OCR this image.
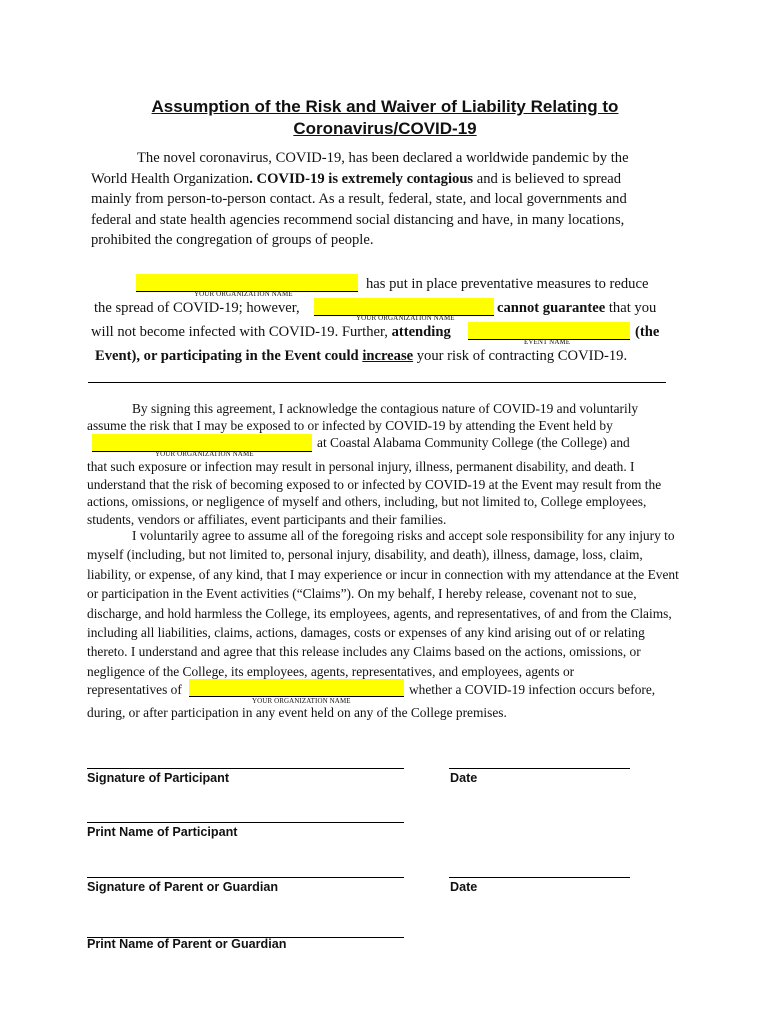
Assumption of the Risk and Waiver of Liability Relating to
Coronavirus/COVID-19
The novel coronavirus, COVID-19, has been declared a worldwide pandemic by the World Health Organization. COVID-19 is extremely contagious and is believed to spread mainly from person-to-person contact. As a result, federal, state, and local governments and federal and state health agencies recommend social distancing and have, in many locations, prohibited the congregation of groups of people.
YOUR ORGANIZATION NAME
has put in place preventative measures to reduce
the spread of COVID-19; however,
YOUR ORGANIZATION NAME
cannot guarantee that you
will not become infected with COVID-19. Further, attending
EVENT NAME
(the
Event), or participating in the Event could increase your risk of contracting COVID-19.
By signing this agreement, I acknowledge the contagious nature of COVID-19 and voluntarily
assume the risk that I may be exposed to or infected by COVID-19 by attending the Event held by
YOUR ORGANIZATION NAME
at Coastal Alabama Community College (the College) and
that such exposure or infection may result in personal injury, illness, permanent disability, and death. I understand that the risk of becoming exposed to or infected by COVID-19 at the Event may result from the actions, omissions, or negligence of myself and others, including, but not limited to, College employees, students, vendors or affiliates, event participants and their families.
I voluntarily agree to assume all of the foregoing risks and accept sole responsibility for any injury to myself (including, but not limited to, personal injury, disability, and death), illness, damage, loss, claim, liability, or expense, of any kind, that I may experience or incur in connection with my attendance at the Event or participation in the Event activities (“Claims”). On my behalf, I hereby release, covenant not to sue, discharge, and hold harmless the College, its employees, agents, and representatives, of and from the Claims, including all liabilities, claims, actions, damages, costs or expenses of any kind arising out of or relating thereto. I understand and agree that this release includes any Claims based on the actions, omissions, or negligence of the College, its employees, agents, representatives, and employees, agents or
representatives of
YOUR ORGANIZATION NAME
whether a COVID-19 infection occurs before,
during, or after participation in any event held on any of the College premises.
Signature of Participant	Date
Print Name of Participant
Signature of Parent or Guardian	Date
Print Name of Parent or Guardian
